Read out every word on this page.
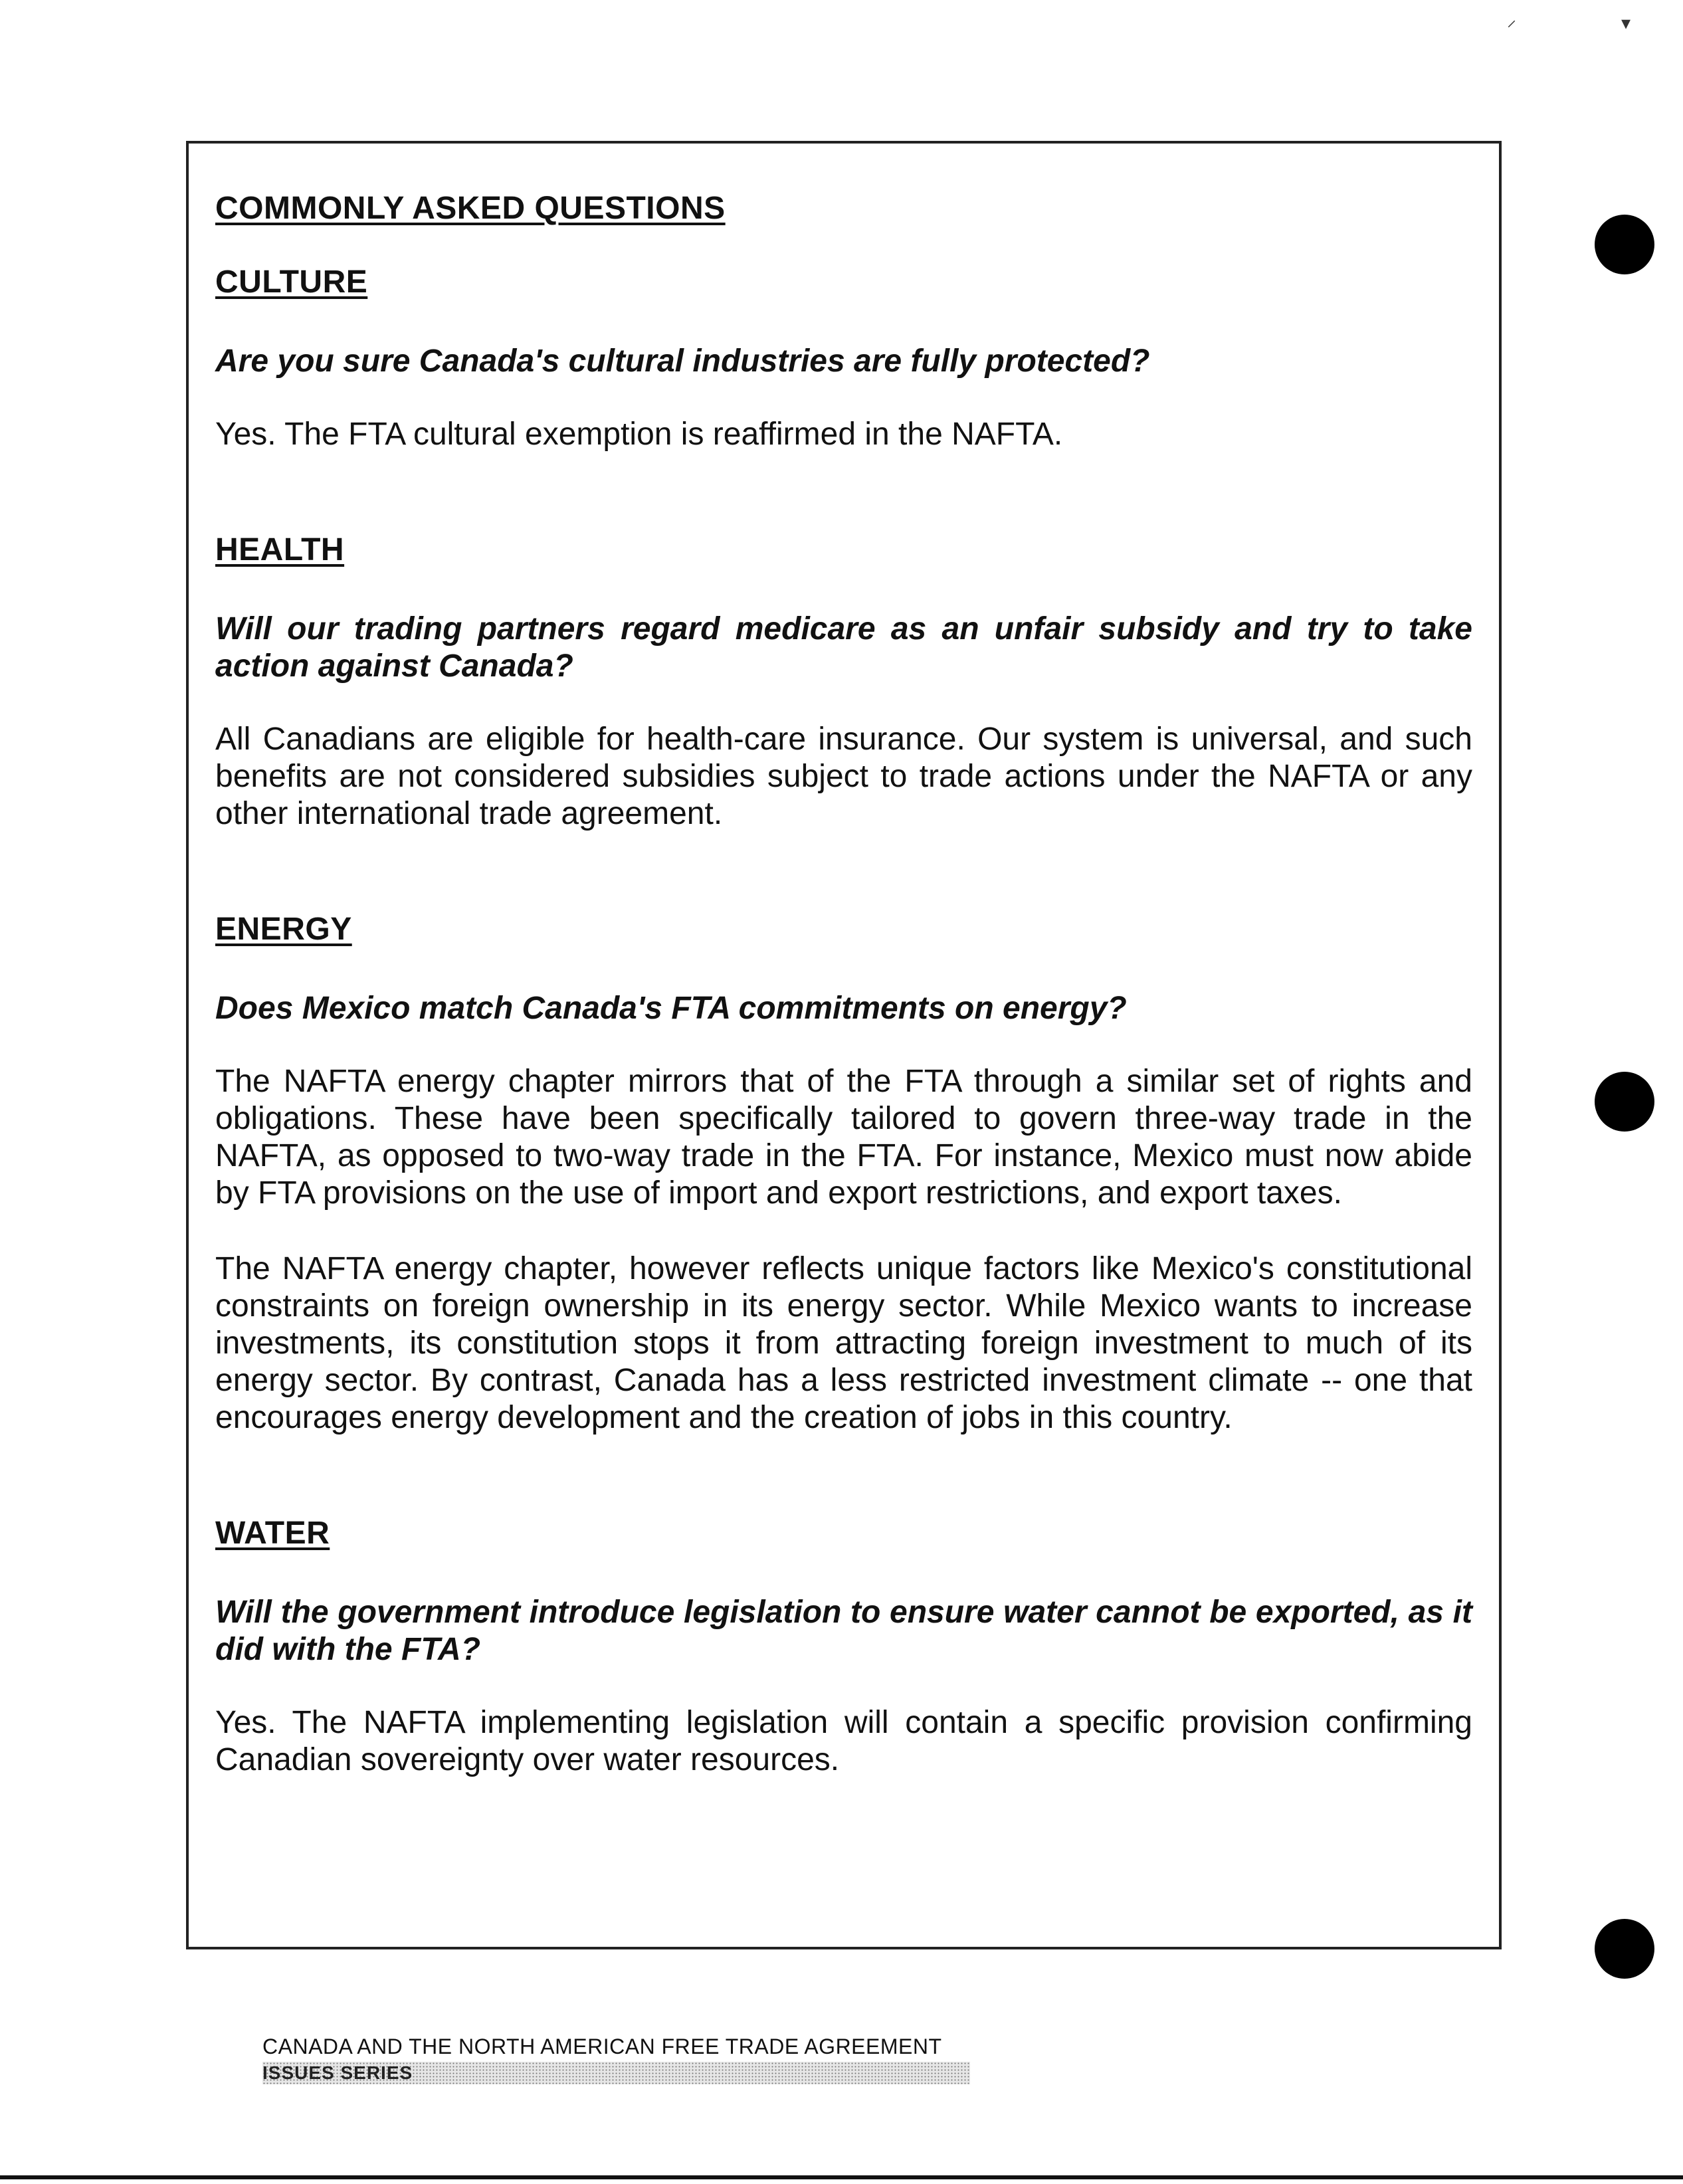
COMMONLY ASKED QUESTIONS
CULTURE

Are you sure Canada's cultural industries are fully protected?

Yes. The FTA cultural exemption is reaffirmed in the NAFTA.

HEALTH

Will our trading partners regard medicare as an unfair subsidy and try to take action against Canada?

All Canadians are eligible for health-care insurance. Our system is universal, and such benefits are not considered subsidies subject to trade actions under the NAFTA or any other international trade agreement.

ENERGY

Does Mexico match Canada's FTA commitments on energy?

The NAFTA energy chapter mirrors that of the FTA through a similar set of rights and obligations. These have been specifically tailored to govern three-way trade in the NAFTA, as opposed to two-way trade in the FTA. For instance, Mexico must now abide by FTA provisions on the use of import and export restrictions, and export taxes.

The NAFTA energy chapter, however reflects unique factors like Mexico's constitutional constraints on foreign ownership in its energy sector. While Mexico wants to increase investments, its constitution stops it from attracting foreign investment to much of its energy sector. By contrast, Canada has a less restricted investment climate -- one that encourages energy development and the creation of jobs in this country.

WATER

Will the government introduce legislation to ensure water cannot be exported, as it did with the FTA?

Yes. The NAFTA implementing legislation will contain a specific provision confirming Canadian sovereignty over water resources.

⸝	▾
CANADA AND THE NORTH AMERICAN FREE TRADE AGREEMENT
ISSUES SERIES
